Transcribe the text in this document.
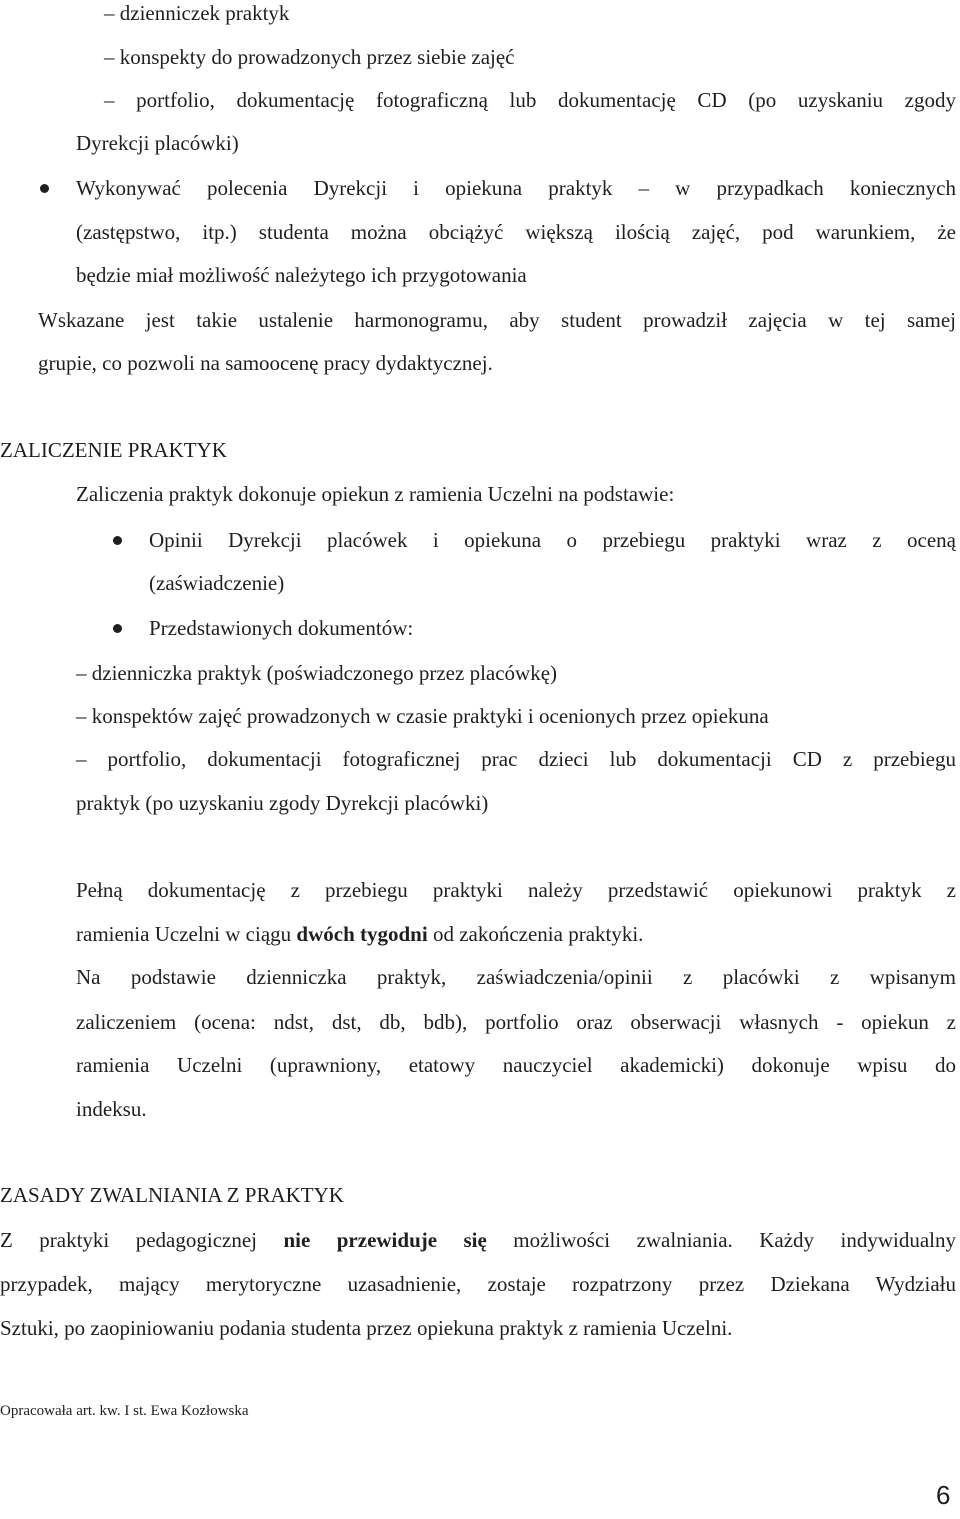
– dzienniczek praktyk
– konspekty do prowadzonych przez siebie zajęć
– portfolio, dokumentację fotograficzną lub dokumentację CD (po uzyskaniu zgody
Dyrekcji placówki)
Wykonywać polecenia Dyrekcji i opiekuna praktyk – w przypadkach koniecznych
(zastępstwo, itp.) studenta można obciążyć większą ilością zajęć, pod warunkiem, że
będzie miał możliwość należytego ich przygotowania
Wskazane jest takie ustalenie harmonogramu, aby student prowadził zajęcia w tej samej
grupie, co pozwoli na samoocenę pracy dydaktycznej.
ZALICZENIE PRAKTYK
Zaliczenia praktyk dokonuje opiekun z ramienia Uczelni na podstawie:
Opinii Dyrekcji placówek i opiekuna o przebiegu praktyki wraz z oceną
(zaświadczenie)
Przedstawionych dokumentów:
– dzienniczka praktyk (poświadczonego przez placówkę)
– konspektów zajęć prowadzonych w czasie praktyki i ocenionych przez opiekuna
– portfolio, dokumentacji fotograficznej prac dzieci lub dokumentacji CD z przebiegu
praktyk (po uzyskaniu zgody Dyrekcji placówki)
Pełną dokumentację z przebiegu praktyki należy przedstawić opiekunowi praktyk z
ramienia Uczelni w ciągu dwóch tygodni od zakończenia praktyki.
Na podstawie dzienniczka praktyk, zaświadczenia/opinii z placówki z wpisanym
zaliczeniem (ocena: ndst, dst, db, bdb), portfolio oraz obserwacji własnych - opiekun z
ramienia Uczelni (uprawniony, etatowy nauczyciel akademicki) dokonuje wpisu do
indeksu.
ZASADY ZWALNIANIA Z PRAKTYK
Z praktyki pedagogicznej nie przewiduje się możliwości zwalniania. Każdy indywidualny
przypadek, mający merytoryczne uzasadnienie, zostaje rozpatrzony przez Dziekana Wydziału
Sztuki, po zaopiniowaniu podania studenta przez opiekuna praktyk z ramienia Uczelni.
Opracowała art. kw. I st. Ewa Kozłowska
6
